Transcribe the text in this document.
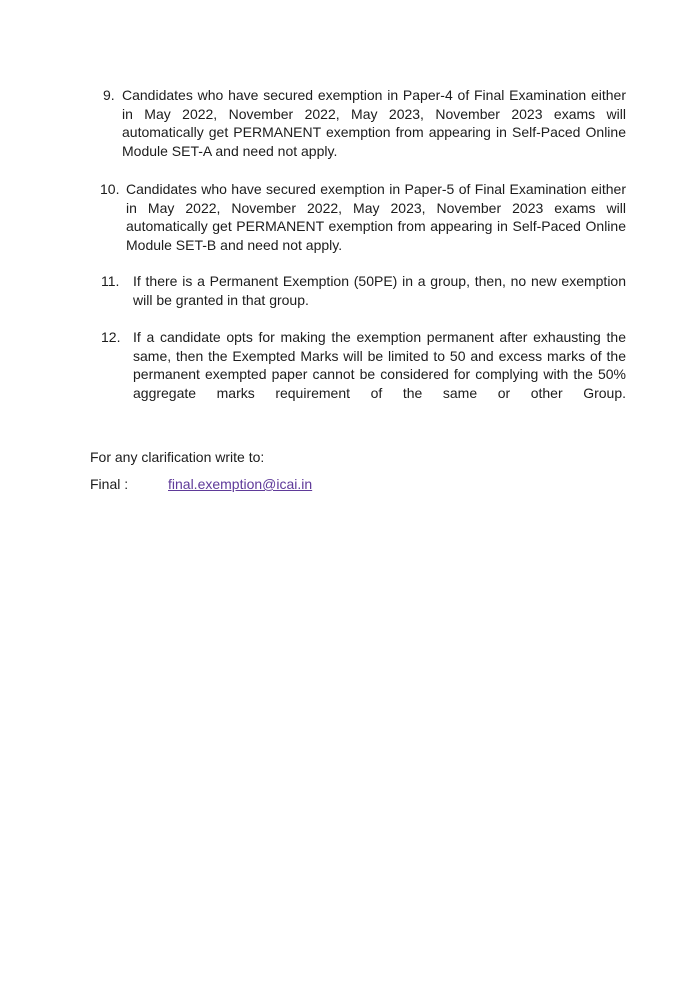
9. Candidates who have secured exemption in Paper-4 of Final Examination either in May 2022, November 2022, May 2023, November 2023 exams will automatically get PERMANENT exemption from appearing in Self-Paced Online Module SET-A and need not apply.

10. Candidates who have secured exemption in Paper-5 of Final Examination either in May 2022, November 2022, May 2023, November 2023 exams will automatically get PERMANENT exemption from appearing in Self-Paced Online Module SET-B and need not apply.

11. If there is a Permanent Exemption (50PE) in a group, then, no new exemption will be granted in that group.

12. If a candidate opts for making the exemption permanent after exhausting the same, then the Exempted Marks will be limited to 50 and excess marks of the permanent exempted paper cannot be considered for complying with the 50% aggregate marks requirement of the same or other Group.

For any clarification write to:
Final :	final.exemption@icai.in
